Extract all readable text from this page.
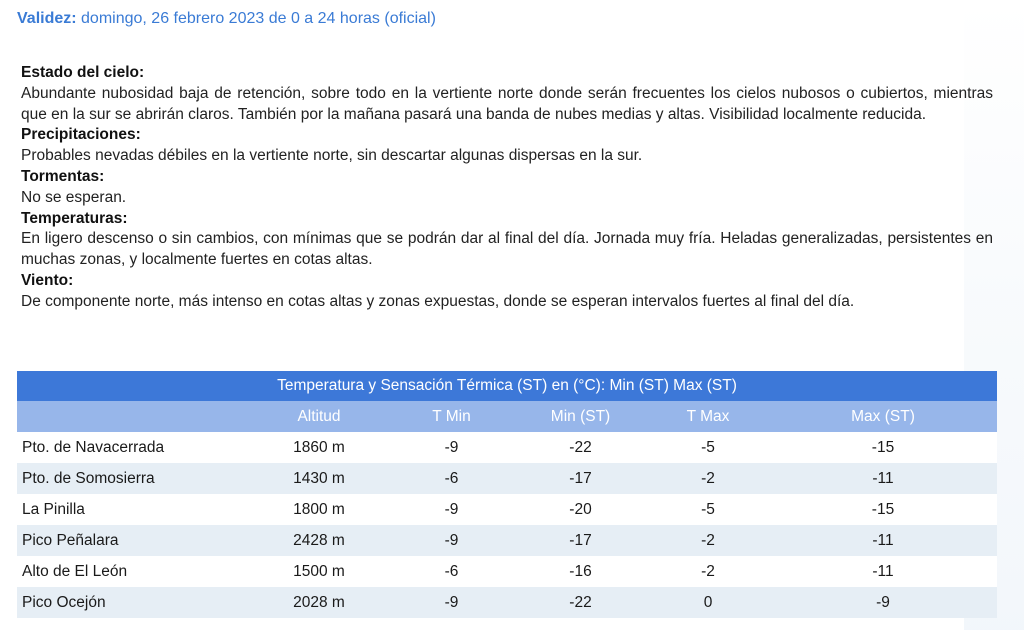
Validez: domingo, 26 febrero 2023 de 0 a 24 horas (oficial)
Estado del cielo:
Abundante nubosidad baja de retención, sobre todo en la vertiente norte donde serán frecuentes los cielos nubosos o cubiertos, mientras que en la sur se abrirán claros. También por la mañana pasará una banda de nubes medias y altas. Visibilidad localmente reducida.
Precipitaciones:
Probables nevadas débiles en la vertiente norte, sin descartar algunas dispersas en la sur.
Tormentas:
No se esperan.
Temperaturas:
En ligero descenso o sin cambios, con mínimas que se podrán dar al final del día. Jornada muy fría. Heladas generalizadas, persistentes en muchas zonas, y localmente fuertes en cotas altas.
Viento:
De componente norte, más intenso en cotas altas y zonas expuestas, donde se esperan intervalos fuertes al final del día.
Temperatura y Sensación Térmica (ST) en (°C): Min (ST) Max (ST)					
	Altitud	T Min	Min (ST)	T Max	Max (ST)
Pto. de Navacerrada	1860 m	-9	-22	-5	-15
Pto. de Somosierra	1430 m	-6	-17	-2	-11
La Pinilla	1800 m	-9	-20	-5	-15
Pico Peñalara	2428 m	-9	-17	-2	-11
Alto de El León	1500 m	-6	-16	-2	-11
Pico Ocejón	2028 m	-9	-22	0	-9
